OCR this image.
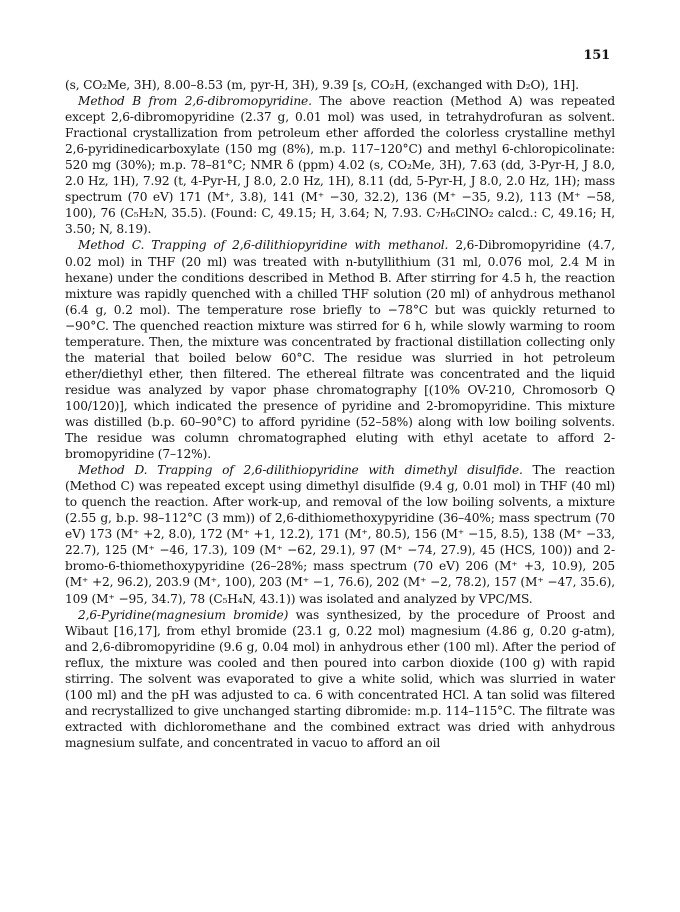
151

(s, CO₂Me, 3H), 8.00–8.53 (m, pyr-H, 3H), 9.39 [s, CO₂H, (exchanged with D₂O), 1H].

Method B from 2,6-dibromopyridine. The above reaction (Method A) was repeated except 2,6-dibromopyridine (2.37 g, 0.01 mol) was used, in tetrahydrofuran as solvent. Fractional crystallization from petroleum ether afforded the colorless crystalline methyl 2,6-pyridinedicarboxylate (150 mg (8%), m.p. 117–120°C) and methyl 6-chloropicolinate: 520 mg (30%); m.p. 78–81°C; NMR δ (ppm) 4.02 (s, CO₂Me, 3H), 7.63 (dd, 3-Pyr-H, J 8.0, 2.0 Hz, 1H), 7.92 (t, 4-Pyr-H, J 8.0, 2.0 Hz, 1H), 8.11 (dd, 5-Pyr-H, J 8.0, 2.0 Hz, 1H); mass spectrum (70 eV) 171 (M⁺, 3.8), 141 (M⁺ −30, 32.2), 136 (M⁺ −35, 9.2), 113 (M⁺ −58, 100), 76 (C₅H₂N, 35.5). (Found: C, 49.15; H, 3.64; N, 7.93. C₇H₆ClNO₂ calcd.: C, 49.16; H, 3.50; N, 8.19).

Method C. Trapping of 2,6-dilithiopyridine with methanol. 2,6-Dibromopyridine (4.7, 0.02 mol) in THF (20 ml) was treated with n-butyllithium (31 ml, 0.076 mol, 2.4 M in hexane) under the conditions described in Method B. After stirring for 4.5 h, the reaction mixture was rapidly quenched with a chilled THF solution (20 ml) of anhydrous methanol (6.4 g, 0.2 mol). The temperature rose briefly to −78°C but was quickly returned to −90°C. The quenched reaction mixture was stirred for 6 h, while slowly warming to room temperature. Then, the mixture was concentrated by fractional distillation collecting only the material that boiled below 60°C. The residue was slurried in hot petroleum ether/diethyl ether, then filtered. The ethereal filtrate was concentrated and the liquid residue was analyzed by vapor phase chromatography [(10% OV-210, Chromosorb Q 100/120)], which indicated the presence of pyridine and 2-bromopyridine. This mixture was distilled (b.p. 60–90°C) to afford pyridine (52–58%) along with low boiling solvents. The residue was column chromatographed eluting with ethyl acetate to afford 2-bromopyridine (7–12%).

Method D. Trapping of 2,6-dilithiopyridine with dimethyl disulfide. The reaction (Method C) was repeated except using dimethyl disulfide (9.4 g, 0.01 mol) in THF (40 ml) to quench the reaction. After work-up, and removal of the low boiling solvents, a mixture (2.55 g, b.p. 98–112°C (3 mm)) of 2,6-dithiomethoxypyridine (36–40%; mass spectrum (70 eV) 173 (M⁺ +2, 8.0), 172 (M⁺ +1, 12.2), 171 (M⁺, 80.5), 156 (M⁺ −15, 8.5), 138 (M⁺ −33, 22.7), 125 (M⁺ −46, 17.3), 109 (M⁺ −62, 29.1), 97 (M⁺ −74, 27.9), 45 (HCS, 100)) and 2-bromo-6-thiomethoxypyridine (26–28%; mass spectrum (70 eV) 206 (M⁺ +3, 10.9), 205 (M⁺ +2, 96.2), 203.9 (M⁺, 100), 203 (M⁺ −1, 76.6), 202 (M⁺ −2, 78.2), 157 (M⁺ −47, 35.6), 109 (M⁺ −95, 34.7), 78 (C₅H₄N, 43.1)) was isolated and analyzed by VPC/MS.

2,6-Pyridine(magnesium bromide) was synthesized, by the procedure of Proost and Wibaut [16,17], from ethyl bromide (23.1 g, 0.22 mol) magnesium (4.86 g, 0.20 g-atm), and 2,6-dibromopyridine (9.6 g, 0.04 mol) in anhydrous ether (100 ml). After the period of reflux, the mixture was cooled and then poured into carbon dioxide (100 g) with rapid stirring. The solvent was evaporated to give a white solid, which was slurried in water (100 ml) and the pH was adjusted to ca. 6 with concentrated HCl. A tan solid was filtered and recrystallized to give unchanged starting dibromide: m.p. 114–115°C. The filtrate was extracted with dichloromethane and the combined extract was dried with anhydrous magnesium sulfate, and concentrated in vacuo to afford an oil
